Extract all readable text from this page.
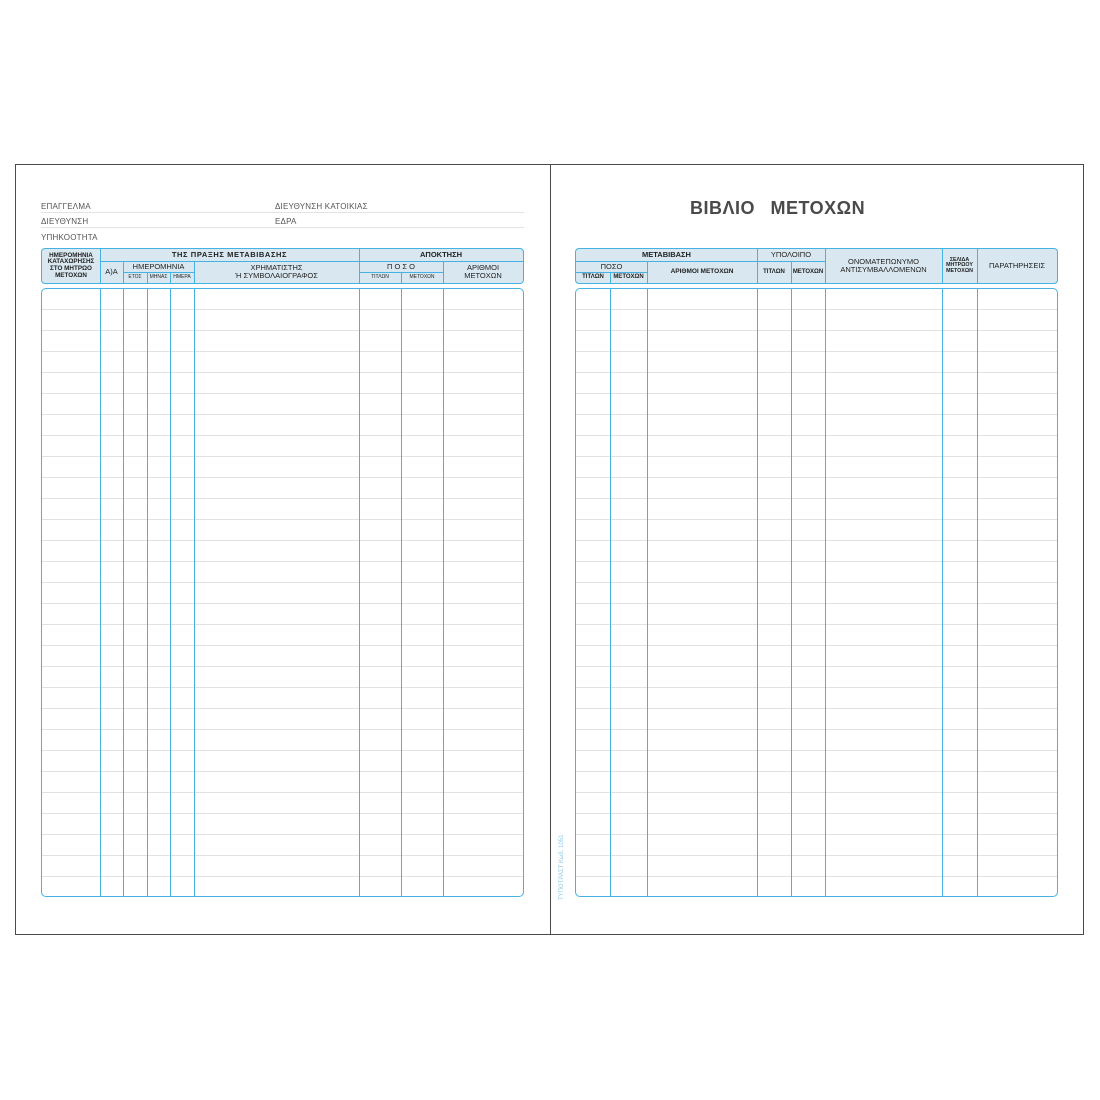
ΕΠΑΓΓΕΛΜΑ	ΔΙΕΥΘΥΝΣΗ ΚΑΤΟΙΚΙΑΣ
ΔΙΕΥΘΥΝΣΗ	ΕΔΡΑ
ΥΠΗΚΟΟΤΗΤΑ
ΗΜΕΡΟΜΗΝΙΑ ΚΑΤΑΧΩΡΗΣΗΣ ΣΤΟ ΜΗΤΡΩΟ ΜΕΤΟΧΩΝ
ΤΗΣ ΠΡΑΞΗΣ ΜΕΤΑΒΙΒΑΣΗΣ
Α)Α
ΗΜΕΡΟΜΗΝΙΑ
ΕΤΟΣ	ΜΗΝΑΣ	ΗΜΕΡΑ
ΧΡΗΜΑΤΙΣΤΗΣ
Ή ΣΥΜΒΟΛΑΙΟΓΡΑΦΟΣ
ΑΠΟΚΤΗΣΗ
Π Ο Σ Ο
ΤΙΤΛΩΝ	ΜΕΤΟΧΩΝ
ΑΡΙΘΜΟΙ
ΜΕΤΟΧΩΝ
ΒΙΒΛΙΟ ΜΕΤΟΧΩΝ
ΜΕΤΑΒΙΒΑΣΗ
ΠΟΣΟ
ΤΙΤΛΩΝ	ΜΕΤΟΧΩΝ
ΑΡΙΘΜΟΙ ΜΕΤΟΧΩΝ
ΥΠΟΛΟΙΠΟ
ΤΙΤΛΩΝ	ΜΕΤΟΧΩΝ
ΟΝΟΜΑΤΕΠΩΝΥΜΟ
ΑΝΤΙΣΥΜΒΑΛΛΟΜΕΝΩΝ
ΣΕΛΙΔΑ
ΜΗΤΡΩΟΥ
ΜΕΤΟΧΩΝ
ΠΑΡΑΤΗΡΗΣΕΙΣ
ΤΥΠΟΤΡΑΣΤ Κωδ. 1051
